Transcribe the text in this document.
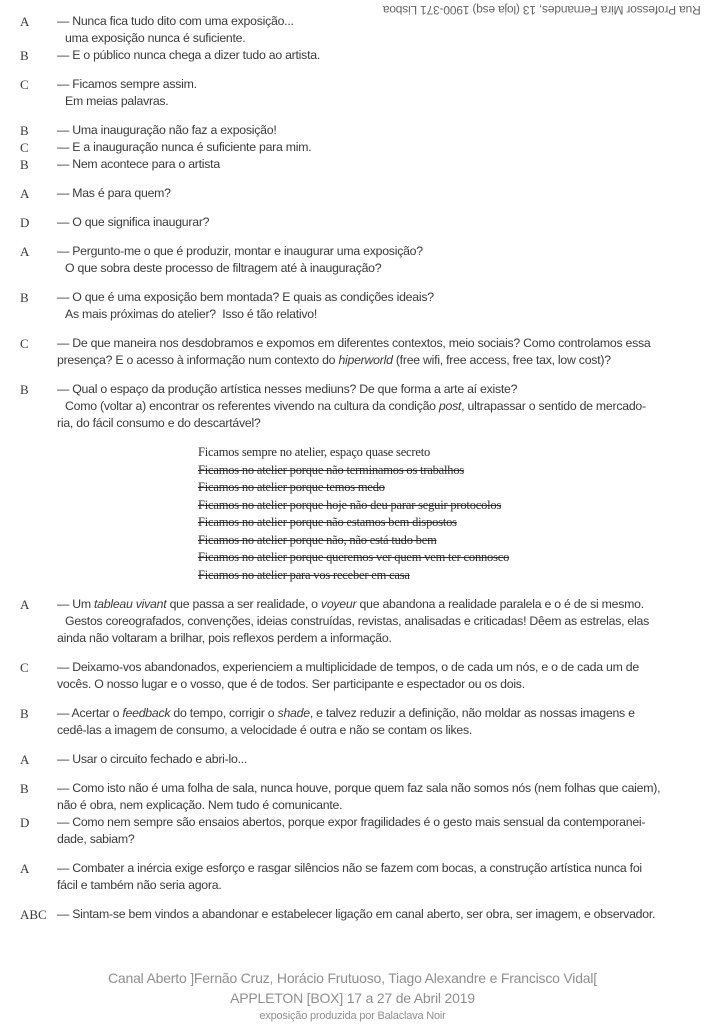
Rua Professor Mira Fernandes, 13 (loja esq) 1900-371 Lisboa
A	— Nunca fica tudo dito com uma exposição...
uma exposição nunca é suficiente.
B	— E o público nunca chega a dizer tudo ao artista.
C	— Ficamos sempre assim.
Em meias palavras.
B	— Uma inauguração não faz a exposição!
C	— E a inauguração nunca é suficiente para mim.
B	— Nem acontece para o artista
A	— Mas é para quem?
D	— O que significa inaugurar?
A	— Pergunto-me o que é produzir, montar e inaugurar uma exposição?
O que sobra deste processo de filtragem até à inauguração?
B	— O que é uma exposição bem montada? E quais as condições ideais?
As mais próximas do atelier?  Isso é tão relativo!
C	— De que maneira nos desdobramos e expomos em diferentes contextos, meio sociais? Como controlamos essa
presença? E o acesso à informação num contexto do hiperworld (free wifi, free access, free tax, low cost)?
B	— Qual o espaço da produção artística nesses mediuns? De que forma a arte aí existe?
Como (voltar a) encontrar os referentes vivendo na cultura da condição post, ultrapassar o sentido de mercado-
ria, do fácil consumo e do descartável?
Ficamos sempre no atelier, espaço quase secreto
Ficamos no atelier porque não terminamos os trabalhos
Ficamos no atelier porque temos medo
Ficamos no atelier porque hoje não deu parar seguir protocolos
Ficamos no atelier porque não estamos bem dispostos
Ficamos no atelier porque não, não está tudo bem
Ficamos no atelier porque queremos ver quem vem ter connosco
Ficamos no atelier para vos receber em casa
A	— Um tableau vivant que passa a ser realidade, o voyeur que abandona a realidade paralela e o é de si mesmo.
Gestos coreografados, convenções, ideias construídas, revistas, analisadas e criticadas! Dêem as estrelas, elas
ainda não voltaram a brilhar, pois reflexos perdem a informação.
C	— Deixamo-vos abandonados, experienciem a multiplicidade de tempos, o de cada um nós, e o de cada um de
vocês. O nosso lugar e o vosso, que é de todos. Ser participante e espectador ou os dois.
B	— Acertar o feedback do tempo, corrigir o shade, e talvez reduzir a definição, não moldar as nossas imagens e
cedê-las a imagem de consumo, a velocidade é outra e não se contam os likes.
A	— Usar o circuito fechado e abri-lo...
B	— Como isto não é uma folha de sala, nunca houve, porque quem faz sala não somos nós (nem folhas que caiem),
não é obra, nem explicação. Nem tudo é comunicante.
D	— Como nem sempre são ensaios abertos, porque expor fragilidades é o gesto mais sensual da contemporanei-
dade, sabiam?
A	— Combater a inércia exige esforço e rasgar silêncios não se fazem com bocas, a construção artística nunca foi
fácil e também não seria agora.
ABC — Sintam-se bem vindos a abandonar e estabelecer ligação em canal aberto, ser obra, ser imagem, e observador.
Canal Aberto ]Fernão Cruz, Horácio Frutuoso, Tiago Alexandre e Francisco Vidal[
APPLETON [BOX] 17 a 27 de Abril 2019
exposição produzida por Balaclava Noir
